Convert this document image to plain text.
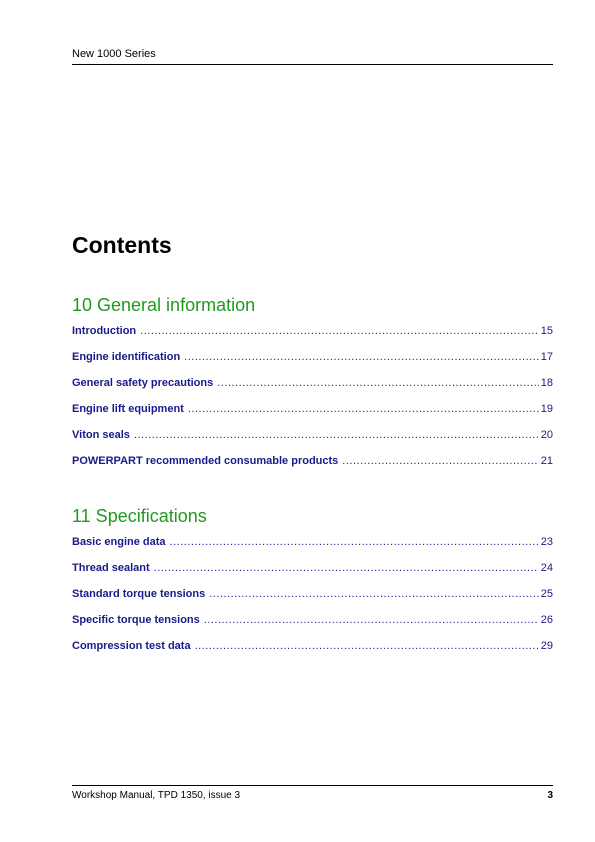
New 1000 Series
Contents
10 General information
Introduction .....	15
Engine identification .....	17
General safety precautions .....	18
Engine lift equipment .....	19
Viton seals .....	20
POWERPART recommended consumable products .....	21
11 Specifications
Basic engine data .....	23
Thread sealant .....	24
Standard torque tensions .....	25
Specific torque tensions .....	26
Compression test data .....	29
Workshop Manual, TPD 1350, issue 3	3
